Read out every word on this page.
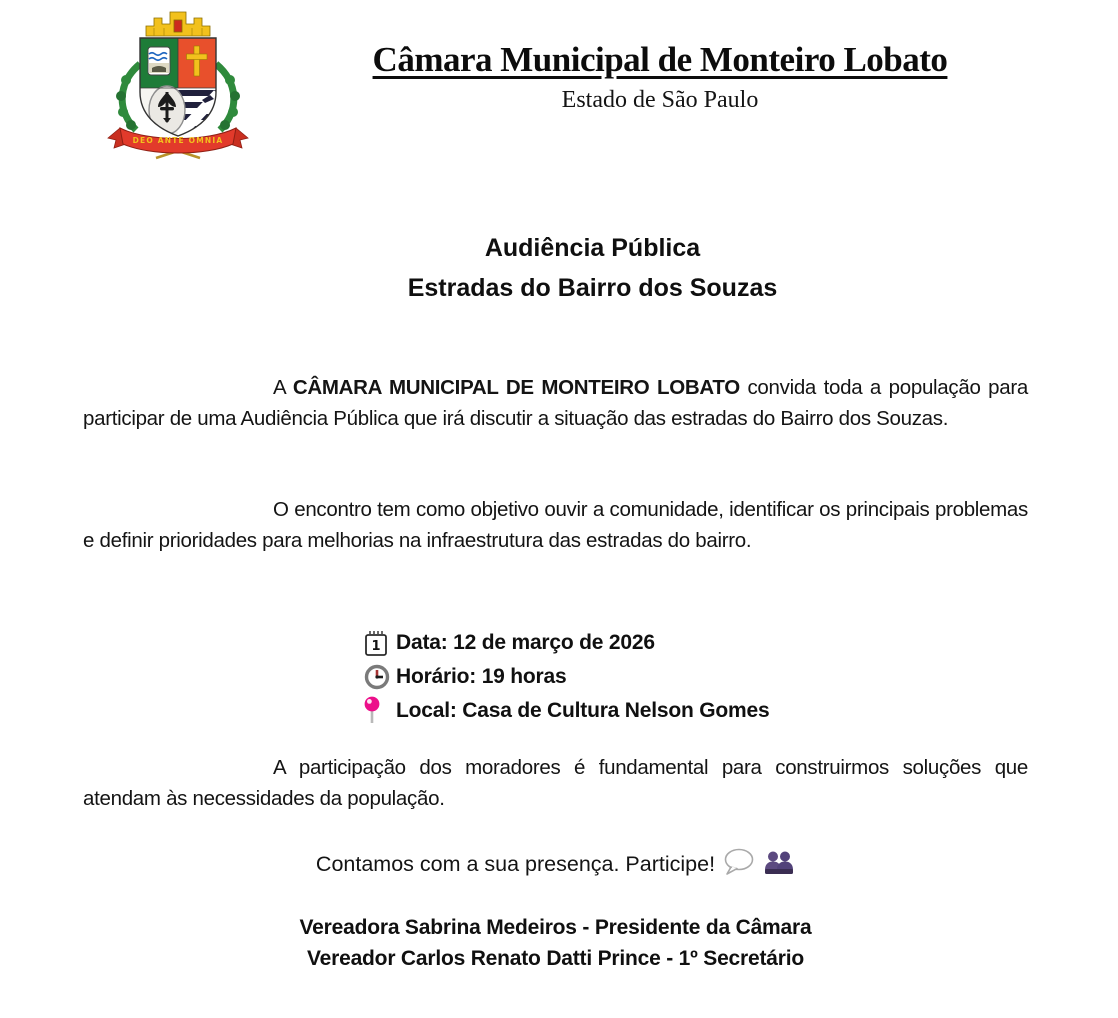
DEO ANTE OMNIA
Câmara Municipal de Monteiro Lobato
Estado de São Paulo
Audiência Pública
Estradas do Bairro dos Souzas

A CÂMARA MUNICIPAL DE MONTEIRO LOBATO convida toda a população para participar de uma Audiência Pública que irá discutir a situação das estradas do Bairro dos Souzas.

O encontro tem como objetivo ouvir a comunidade, identificar os principais problemas e definir prioridades para melhorias na infraestrutura das estradas do bairro.

1 Data: 12 de março de 2026
Horário: 19 horas
Local: Casa de Cultura Nelson Gomes

A participação dos moradores é fundamental para construirmos soluções que atendam às necessidades da população.

Contamos com a sua presença. Participe!
Vereadora Sabrina Medeiros - Presidente da Câmara
Vereador Carlos Renato Datti Prince - 1º Secretário
